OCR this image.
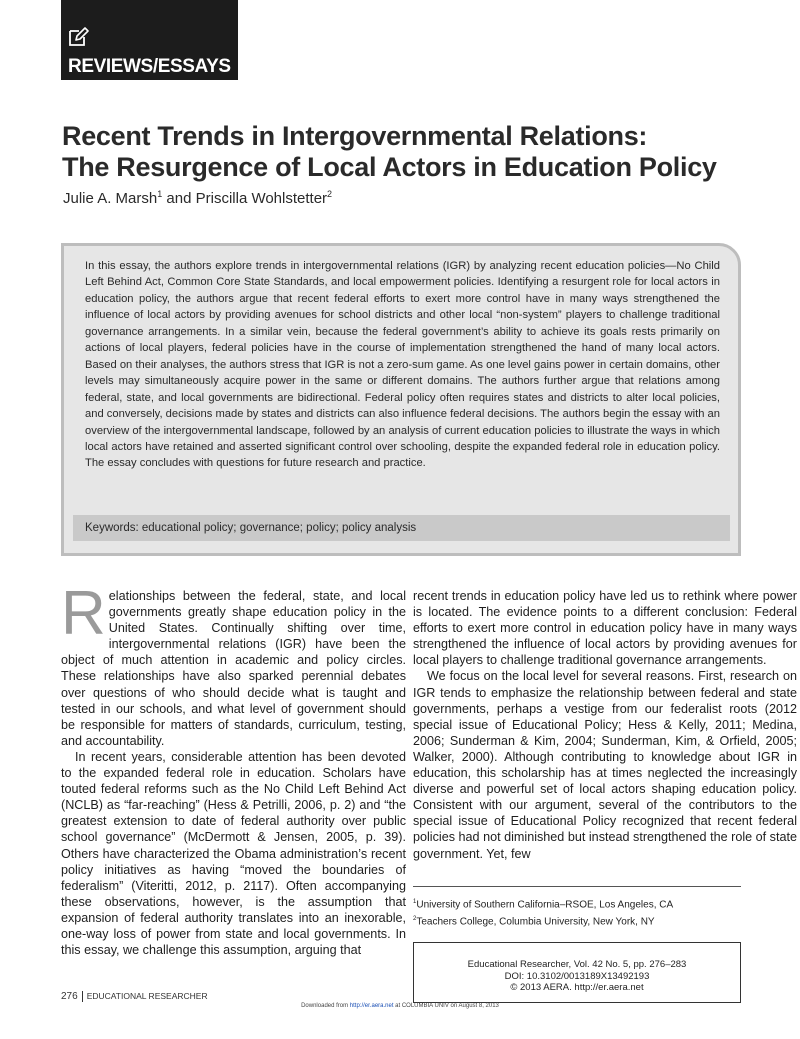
REVIEWS/ESSAYS
Recent Trends in Intergovernmental Relations:
The Resurgence of Local Actors in Education Policy
Julie A. Marsh$^1$ and Priscilla Wohlstetter$^2$

In this essay, the authors explore trends in intergovernmental relations (IGR) by analyzing recent education policies—No Child Left Behind Act, Common Core State Standards, and local empowerment policies. Identifying a resurgent role for local actors in education policy, the authors argue that recent federal efforts to exert more control have in many ways strengthened the influence of local actors by providing avenues for school districts and other local “non-system” players to challenge traditional governance arrangements. In a similar vein, because the federal government’s ability to achieve its goals rests primarily on actions of local players, federal policies have in the course of implementation strengthened the hand of many local actors. Based on their analyses, the authors stress that IGR is not a zero-sum game. As one level gains power in certain domains, other levels may simultaneously acquire power in the same or different domains. The authors further argue that relations among federal, state, and local governments are bidirectional. Federal policy often requires states and districts to alter local policies, and conversely, decisions made by states and districts can also influence federal decisions. The authors begin the essay with an overview of the intergovernmental landscape, followed by an analysis of current education policies to illustrate the ways in which local actors have retained and asserted significant control over schooling, despite the expanded federal role in education policy. The essay concludes with questions for future research and practice.

Keywords: educational policy; governance; policy; policy analysis

Relationships between the federal, state, and local governments greatly shape education policy in the United States. Continually shifting over time, intergovernmental relations (IGR) have been the object of much attention in academic and policy circles. These relationships have also sparked perennial debates over questions of who should decide what is taught and tested in our schools, and what level of government should be responsible for matters of standards, curriculum, testing, and accountability.

In recent years, considerable attention has been devoted to the expanded federal role in education. Scholars have touted federal reforms such as the No Child Left Behind Act (NCLB) as “far-reaching” (Hess & Petrilli, 2006, p. 2) and “the greatest extension to date of federal authority over public school governance” (McDermott & Jensen, 2005, p. 39). Others have characterized the Obama administration’s recent policy initiatives as having “moved the boundaries of federalism” (Viteritti, 2012, p. 2117). Often accompanying these observations, however, is the assumption that expansion of federal authority translates into an inexorable, one-way loss of power from state and local governments. In this essay, we challenge this assumption, arguing that

recent trends in education policy have led us to rethink where power is located. The evidence points to a different conclusion: Federal efforts to exert more control in education policy have in many ways strengthened the influence of local actors by providing avenues for local players to challenge traditional governance arrangements.

We focus on the local level for several reasons. First, research on IGR tends to emphasize the relationship between federal and state governments, perhaps a vestige from our federalist roots (2012 special issue of Educational Policy; Hess & Kelly, 2011; Medina, 2006; Sunderman & Kim, 2004; Sunderman, Kim, & Orfield, 2005; Walker, 2000). Although contributing to knowledge about IGR in education, this scholarship has at times neglected the increasingly diverse and powerful set of local actors shaping education policy. Consistent with our argument, several of the contributors to the special issue of Educational Policy recognized that recent federal policies had not diminished but instead strengthened the role of state government. Yet, few

$^1$University of Southern California–RSOE, Los Angeles, CA
$^2$Teachers College, Columbia University, New York, NY
Educational Researcher, Vol. 42 No. 5, pp. 276–283
DOI: 10.3102/0013189X13492193
© 2013 AERA. http://er.aera.net
276 EDUCATIONAL RESEARCHER
Downloaded from http://er.aera.net at COLUMBIA UNIV on August 8, 2013
